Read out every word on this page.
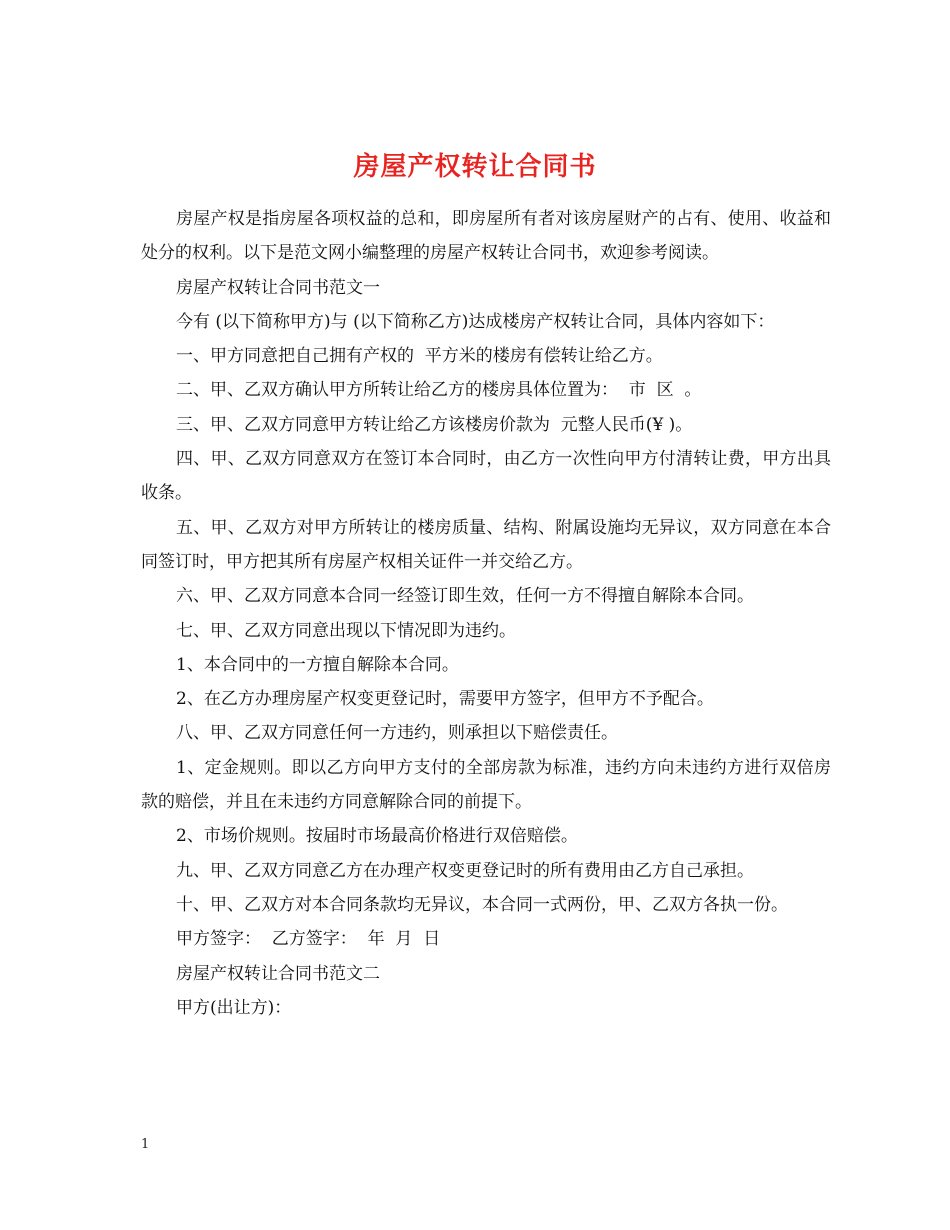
房屋产权转让合同书

房屋产权是指房屋各项权益的总和，即房屋所有者对该房屋财产的占有、使用、收益和处分的权利。以下是范文网小编整理的房屋产权转让合同书，欢迎参考阅读。

房屋产权转让合同书范文一

今有 (以下简称甲方)与 (以下简称乙方)达成楼房产权转让合同，具体内容如下：

一、甲方同意把自己拥有产权的  平方米的楼房有偿转让给乙方。

二、甲、乙双方确认甲方所转让给乙方的楼房具体位置为：  市  区  。

三、甲、乙双方同意甲方转让给乙方该楼房价款为  元整人民币(¥ )。

四、甲、乙双方同意双方在签订本合同时，由乙方一次性向甲方付清转让费，甲方出具收条。

五、甲、乙双方对甲方所转让的楼房质量、结构、附属设施均无异议，双方同意在本合同签订时，甲方把其所有房屋产权相关证件一并交给乙方。

六、甲、乙双方同意本合同一经签订即生效，任何一方不得擅自解除本合同。

七、甲、乙双方同意出现以下情况即为违约。

1、本合同中的一方擅自解除本合同。

2、在乙方办理房屋产权变更登记时，需要甲方签字，但甲方不予配合。

八、甲、乙双方同意任何一方违约，则承担以下赔偿责任。

1、定金规则。即以乙方向甲方支付的全部房款为标准，违约方向未违约方进行双倍房款的赔偿，并且在未违约方同意解除合同的前提下。

2、市场价规则。按届时市场最高价格进行双倍赔偿。

九、甲、乙双方同意乙方在办理产权变更登记时的所有费用由乙方自己承担。

十、甲、乙双方对本合同条款均无异议，本合同一式两份，甲、乙双方各执一份。

甲方签字：  乙方签字：  年  月  日

房屋产权转让合同书范文二

甲方(出让方)：

1
